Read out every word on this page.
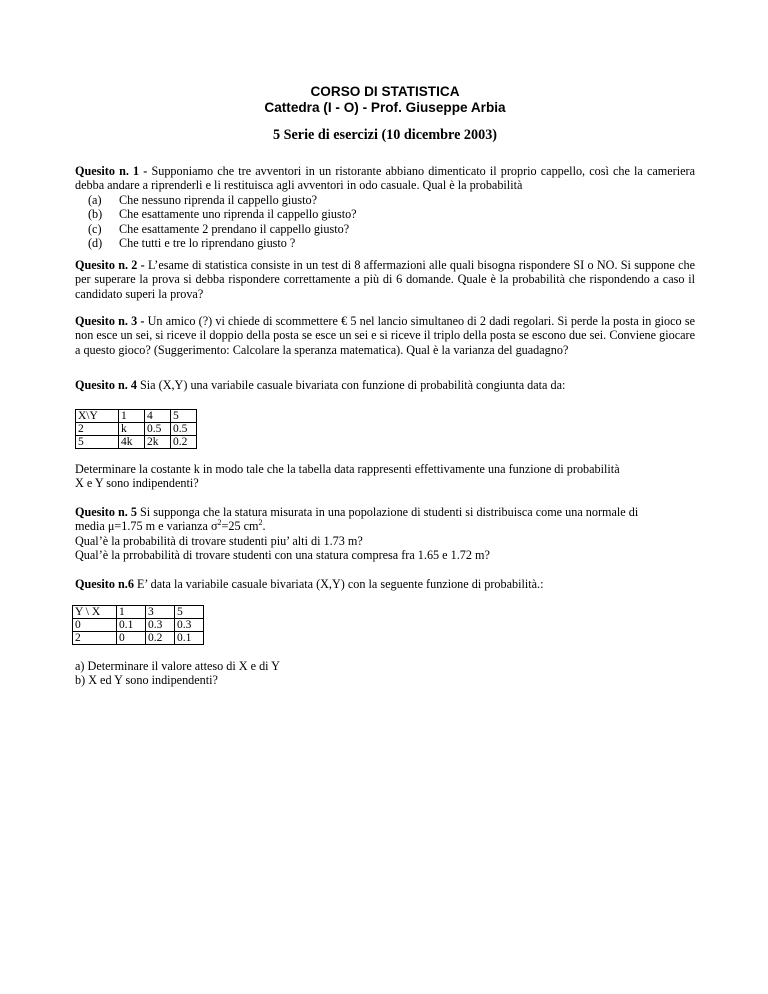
CORSO DI STATISTICA
Cattedra (I - O) - Prof. Giuseppe Arbia
5 Serie di esercizi (10 dicembre 2003)
Quesito n. 1 - Supponiamo che tre avventori in un ristorante abbiano dimenticato il proprio cappello, così che la cameriera debba andare a riprenderli e li restituisca agli avventori in odo casuale. Qual è la probabilità
(a) Che nessuno riprenda il cappello giusto?
(b) Che esattamente uno riprenda il cappello giusto?
(c) Che esattamente 2 prendano il cappello giusto?
(d) Che tutti e tre lo riprendano giusto ?
Quesito n. 2 - L’esame di statistica consiste in un test di 8 affermazioni alle quali bisogna rispondere SI o NO. Si suppone che per superare la prova si debba rispondere correttamente a più di 6 domande. Quale è la probabilità che rispondendo a caso il candidato superi la prova?
Quesito n. 3 - Un amico (?) vi chiede di scommettere € 5 nel lancio simultaneo di 2 dadi regolari. Si perde la posta in gioco se non esce un sei, si riceve il doppio della posta se esce un sei e si riceve il triplo della posta se escono due sei. Conviene giocare a questo gioco? (Suggerimento: Calcolare la speranza matematica). Qual è la varianza del guadagno?
Quesito n. 4 Sia (X,Y) una variabile casuale bivariata con funzione di probabilità congiunta data da:
X\Y	1	4	5
2	k	0.5	0.5
5	4k	2k	0.2
Determinare la costante k in modo tale che la tabella data rappresenti effettivamente una funzione di probabilità
X e Y sono indipendenti?
Quesito n. 5 Si supponga che la statura misurata in una popolazione di studenti si distribuisca come una normale di
media μ=1.75 m e varianza $\sigma^2=25$ $cm^2$.
Qual’è la probabilità di trovare studenti piu’ alti di 1.73 m?
Qual’è la prrobabilità di trovare studenti con una statura compresa fra 1.65 e 1.72 m?
Quesito n.6 E’ data la variabile casuale bivariata (X,Y) con la seguente funzione di probabilità.:
Y \ X	1	3	5
0	0.1	0.3	0.3
2	0	0.2	0.1
a) Determinare il valore atteso di X e di Y
b) X ed Y sono indipendenti?
